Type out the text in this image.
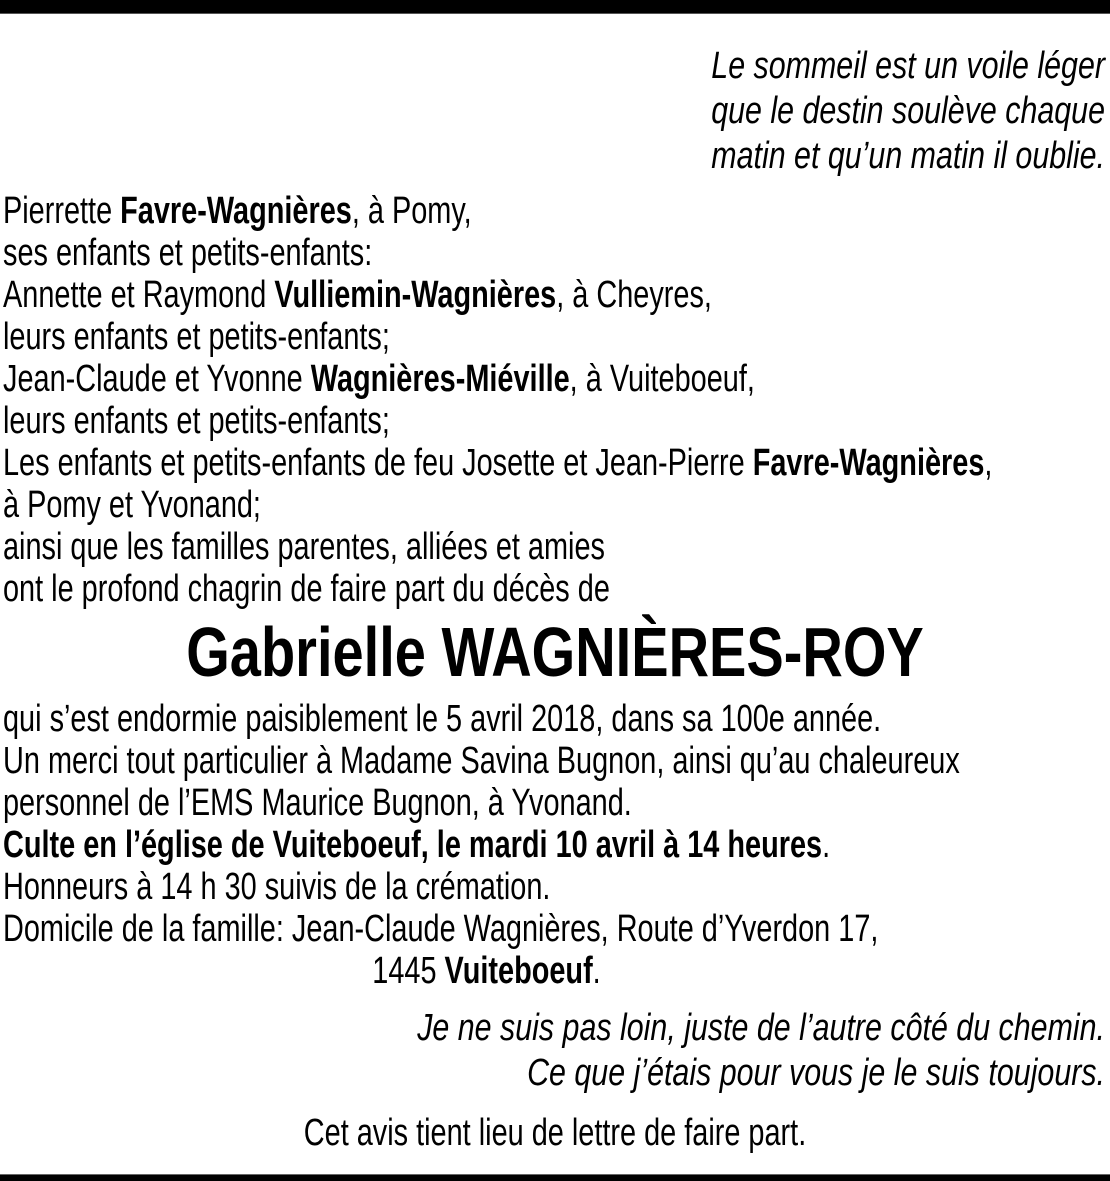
Le sommeil est un voile léger
que le destin soulève chaque
matin et qu’un matin il oublie.
Pierrette Favre-Wagnières, à Pomy,
ses enfants et petits-enfants:
Annette et Raymond Vulliemin-Wagnières, à Cheyres,
leurs enfants et petits-enfants;
Jean-Claude et Yvonne Wagnières-Miéville, à Vuiteboeuf,
leurs enfants et petits-enfants;
Les enfants et petits-enfants de feu Josette et Jean-Pierre Favre-Wagnières,
à Pomy et Yvonand;
ainsi que les familles parentes, alliées et amies
ont le profond chagrin de faire part du décès de
Gabrielle WAGNIÈRES-ROY
qui s’est endormie paisiblement le 5 avril 2018, dans sa 100e année.
Un merci tout particulier à Madame Savina Bugnon, ainsi qu’au chaleureux
personnel de l’EMS Maurice Bugnon, à Yvonand.
Culte en l’église de Vuiteboeuf, le mardi 10 avril à 14 heures.
Honneurs à 14 h 30 suivis de la crémation.
Domicile de la famille: Jean-Claude Wagnières, Route d’Yverdon 17,
1445 Vuiteboeuf.
Je ne suis pas loin, juste de l’autre côté du chemin.
Ce que j’étais pour vous je le suis toujours.
Cet avis tient lieu de lettre de faire part.
